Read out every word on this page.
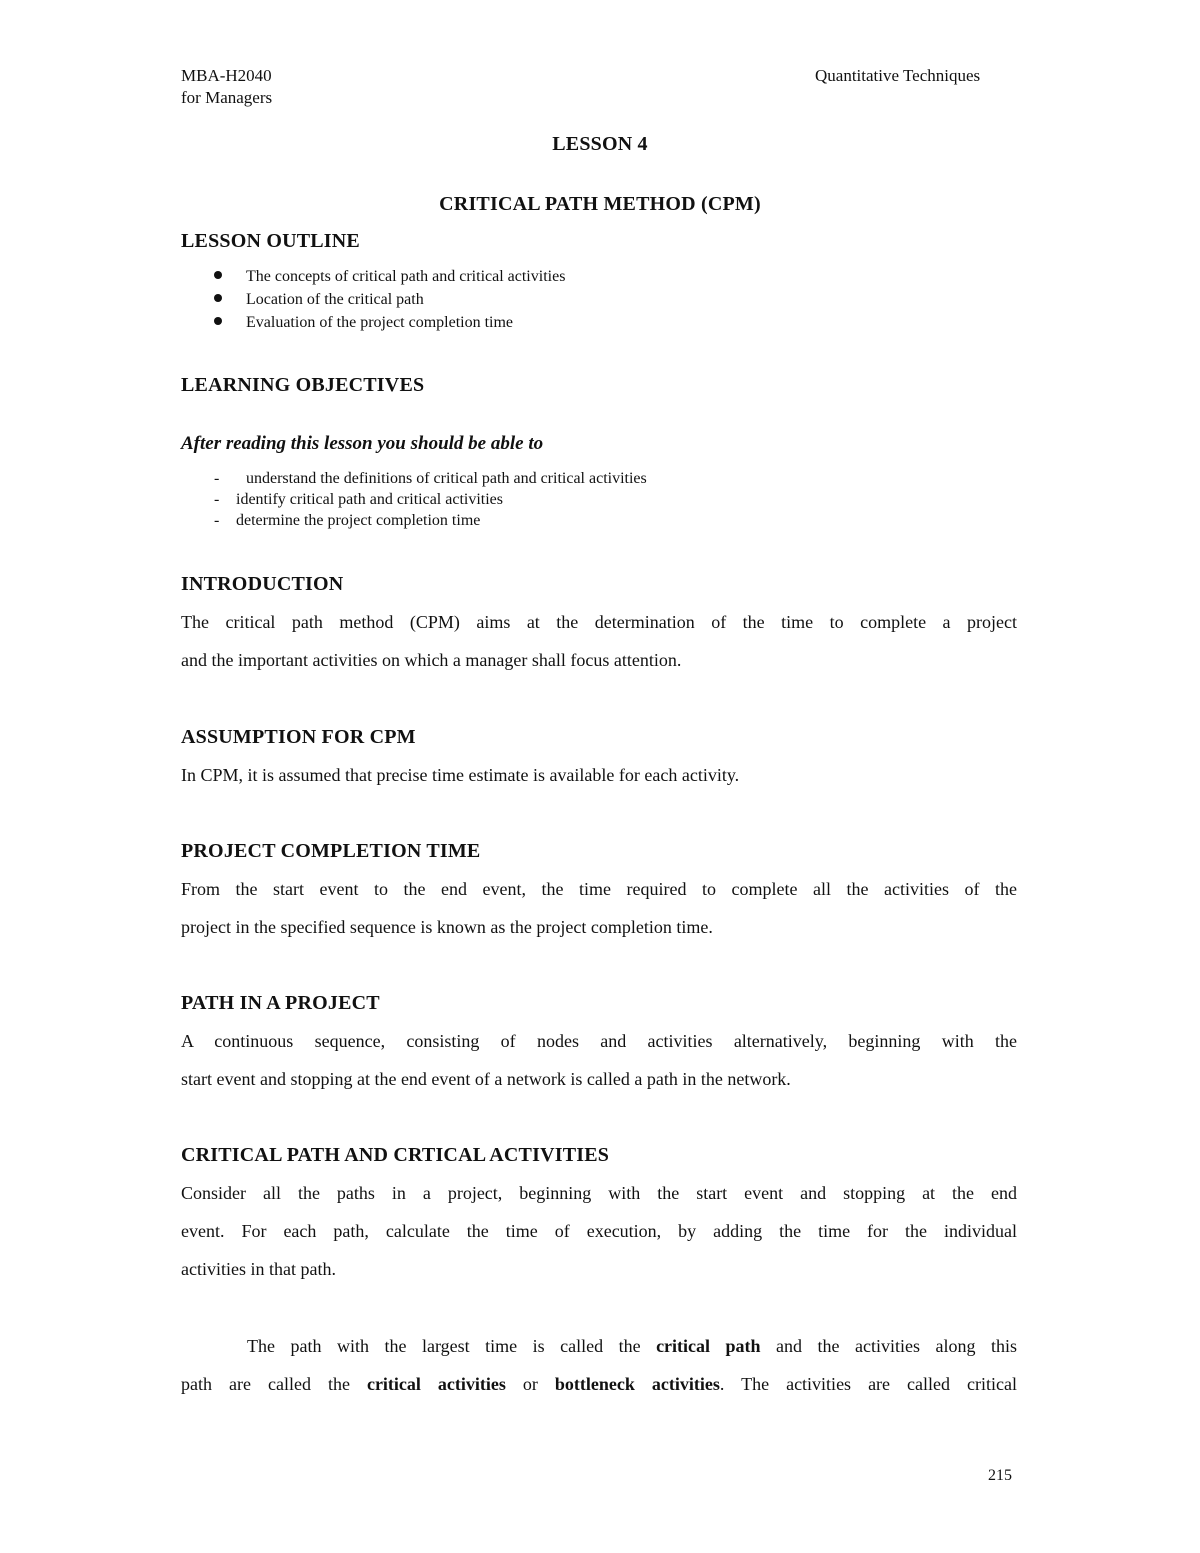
MBA-H2040
for Managers
Quantitative Techniques
LESSON 4
CRITICAL PATH METHOD (CPM)
LESSON OUTLINE
The concepts of critical path and critical activities
Location of the critical path
Evaluation of the project completion time
LEARNING OBJECTIVES
After reading this lesson you should be able to
- understand the definitions of critical path and critical activities
- identify critical path and critical activities
- determine the project completion time
INTRODUCTION
The critical path method (CPM) aims at the determination of the time to complete a project
and the important activities on which a manager shall focus attention.
ASSUMPTION FOR CPM
In CPM, it is assumed that precise time estimate is available for each activity.
PROJECT COMPLETION TIME
From the start event to the end event, the time required to complete all the activities of the
project in the specified sequence is known as the project completion time.
PATH IN A PROJECT
A continuous sequence, consisting of nodes and activities alternatively, beginning with the
start event and stopping at the end event of a network is called a path in the network.
CRITICAL PATH AND CRTICAL ACTIVITIES
Consider all the paths in a project, beginning with the start event and stopping at the end
event. For each path, calculate the time of execution, by adding the time for the individual
activities in that path.
The path with the largest time is called the critical path and the activities along this
path are called the critical activities or bottleneck activities. The activities are called critical
215
